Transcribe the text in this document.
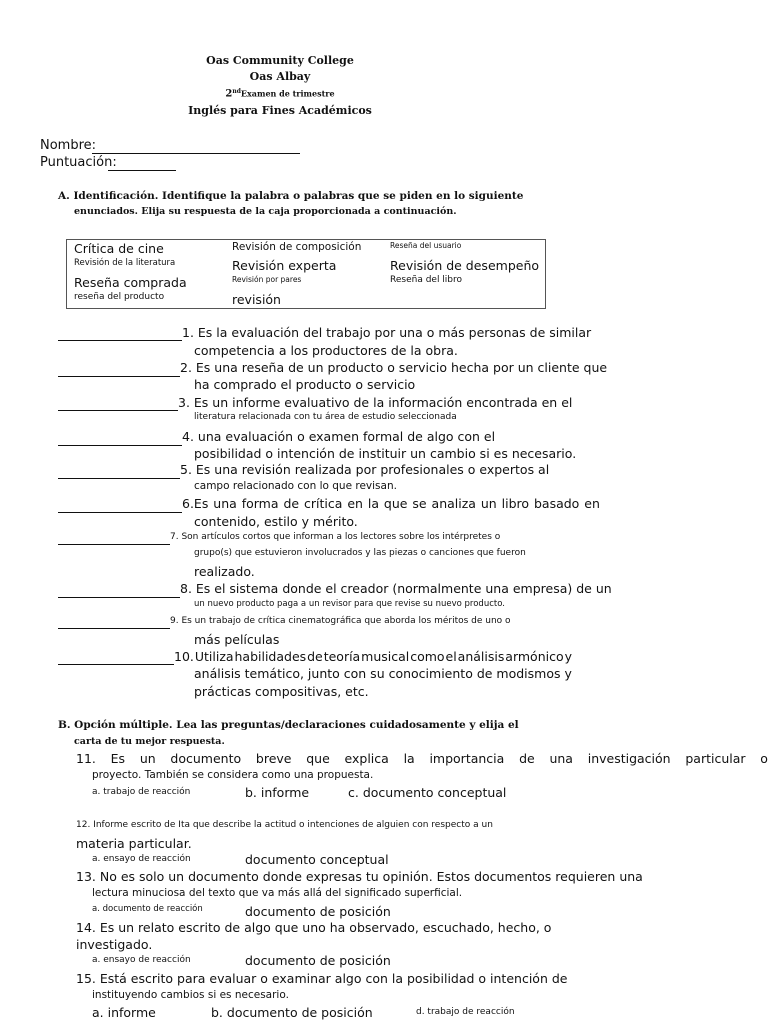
Oas Community College
Oas Albay
2ndExamen de trimestre
Inglés para Fines Académicos
Nombre:
Puntuación:
A. Identificación. Identifique la palabra o palabras que se piden en lo siguiente
enunciados. Elija su respuesta de la caja proporcionada a continuación.
Crítica de cine	Revisión de composición	Reseña del usuario
Revisión de la literatura	Revisión experta	Revisión de desempeño
Reseña comprada	Revisión por pares	Reseña del libro
reseña del producto	revisión
1. Es la evaluación del trabajo por una o más personas de similar
competencia a los productores de la obra.
2. Es una reseña de un producto o servicio hecha por un cliente que
ha comprado el producto o servicio
3. Es un informe evaluativo de la información encontrada en el
literatura relacionada con tu área de estudio seleccionada
4. una evaluación o examen formal de algo con el
posibilidad o intención de instituir un cambio si es necesario.
5. Es una revisión realizada por profesionales o expertos al
campo relacionado con lo que revisan.
6.Es una forma de crítica en la que se analiza un libro basado en
contenido, estilo y mérito.
7. Son artículos cortos que informan a los lectores sobre los intérpretes o
grupo(s) que estuvieron involucrados y las piezas o canciones que fueron
realizado.
8. Es el sistema donde el creador (normalmente una empresa) de un
un nuevo producto paga a un revisor para que revise su nuevo producto.
9. Es un trabajo de crítica cinematográfica que aborda los méritos de uno o
más películas
10. Utiliza habilidades de teoría musical como el análisis armónico y
análisis temático, junto con su conocimiento de modismos y
prácticas compositivas, etc.
B. Opción múltiple. Lea las preguntas/declaraciones cuidadosamente y elija el
carta de tu mejor respuesta.
11. Es un documento breve que explica la importancia de una investigación particular o
proyecto. También se considera como una propuesta.
a. trabajo de reacción	b. informe	c. documento conceptual
12. Informe escrito de Ita que describe la actitud o intenciones de alguien con respecto a un
materia particular.
a. ensayo de reacción	documento conceptual
13. No es solo un documento donde expresas tu opinión. Estos documentos requieren una
lectura minuciosa del texto que va más allá del significado superficial.
a. documento de reacción	documento de posición
14. Es un relato escrito de algo que uno ha observado, escuchado, hecho, o
investigado.
a. ensayo de reacción	documento de posición
15. Está escrito para evaluar o examinar algo con la posibilidad o intención de
instituyendo cambios si es necesario.
a. informe	b. documento de posición	d. trabajo de reacción
